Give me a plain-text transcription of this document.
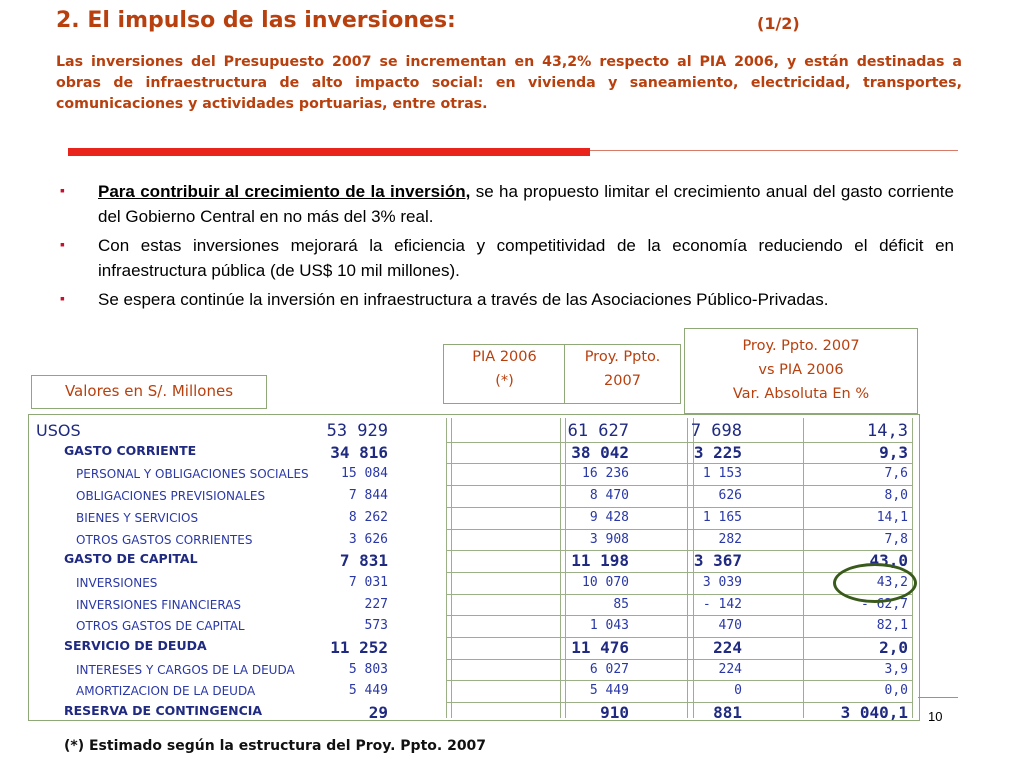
2. El impulso de las inversiones:	(1/2)
Las inversiones del Presupuesto 2007 se incrementan en 43,2% respecto al PIA 2006, y están destinadas a obras de infraestructura de alto impacto social: en vivienda y saneamiento, electricidad, transportes, comunicaciones y actividades portuarias, entre otras.
▪ Para contribuir al crecimiento de la inversión, se ha propuesto limitar el crecimiento anual del gasto corriente del Gobierno Central en no más del 3% real.
▪ Con estas inversiones mejorará la eficiencia y competitividad de la economía reduciendo el déficit en infraestructura pública (de US$ 10 mil millones).
▪ Se espera continúe la inversión en infraestructura a través de las Asociaciones Público-Privadas.
PIA 2006
(*)
Proy. Ppto.
2007
Proy. Ppto. 2007
vs PIA 2006
Var. Absoluta En %
Valores en S/. Millones
USOS	53 929	61 627	7 698	14,3
GASTO CORRIENTE	34 816	38 042	3 225	9,3
PERSONAL Y OBLIGACIONES SOCIALES 15 084	16 236	1 153	7,6
OBLIGACIONES PREVISIONALES	7 844	8 470	626	8,0
BIENES Y SERVICIOS	8 262	9 428	1 165	14,1
OTROS GASTOS CORRIENTES	3 626	3 908	282	7,8
GASTO DE CAPITAL	7 831	11 198	3 367	43,0
INVERSIONES	7 031	10 070	3 039	43,2
INVERSIONES FINANCIERAS	227	85	- 142	- 62,7
OTROS GASTOS DE CAPITAL	573	1 043	470	82,1
SERVICIO DE DEUDA	11 252	11 476	224	2,0
INTERESES Y CARGOS DE LA DEUDA	5 803	6 027	224	3,9
AMORTIZACION DE LA DEUDA	5 449	5 449	0	0,0
RESERVA DE CONTINGENCIA	29	910	881	3 040,1 10
(*) Estimado según la estructura del Proy. Ppto. 2007
